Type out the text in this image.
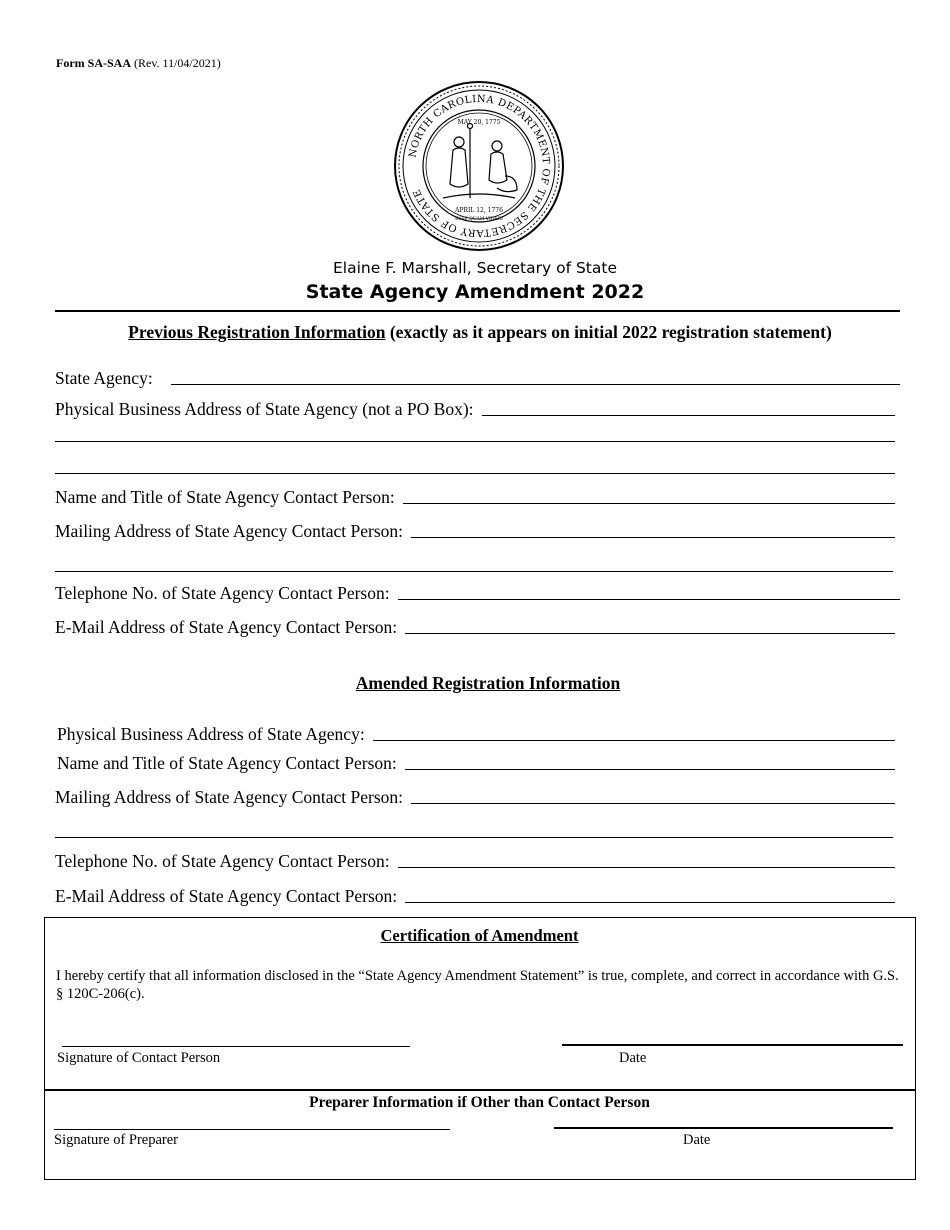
Form SA-SAA (Rev. 11/04/2021)
NORTH CAROLINA DEPARTMENT OF THE SECRETARY OF STATE
MAY 20, 1775
APRIL 12, 1776
ESSE QUAM VIDERI
Elaine F. Marshall, Secretary of State
State Agency Amendment 2022
Previous Registration Information (exactly as it appears on initial 2022 registration statement)
State Agency:
Physical Business Address of State Agency (not a PO Box):
Name and Title of State Agency Contact Person:
Mailing Address of State Agency Contact Person:
Telephone No. of State Agency Contact Person:
E-Mail Address of State Agency Contact Person:
Amended Registration Information
Physical Business Address of State Agency:
Name and Title of State Agency Contact Person:
Mailing Address of State Agency Contact Person:
Telephone No. of State Agency Contact Person:
E-Mail Address of State Agency Contact Person:
Certification of Amendment
I hereby certify that all information disclosed in the “State Agency Amendment Statement” is true, complete, and correct in accordance with G.S. § 120C-206(c).
Signature of Contact Person	Date
Preparer Information if Other than Contact Person
Signature of Preparer	Date
